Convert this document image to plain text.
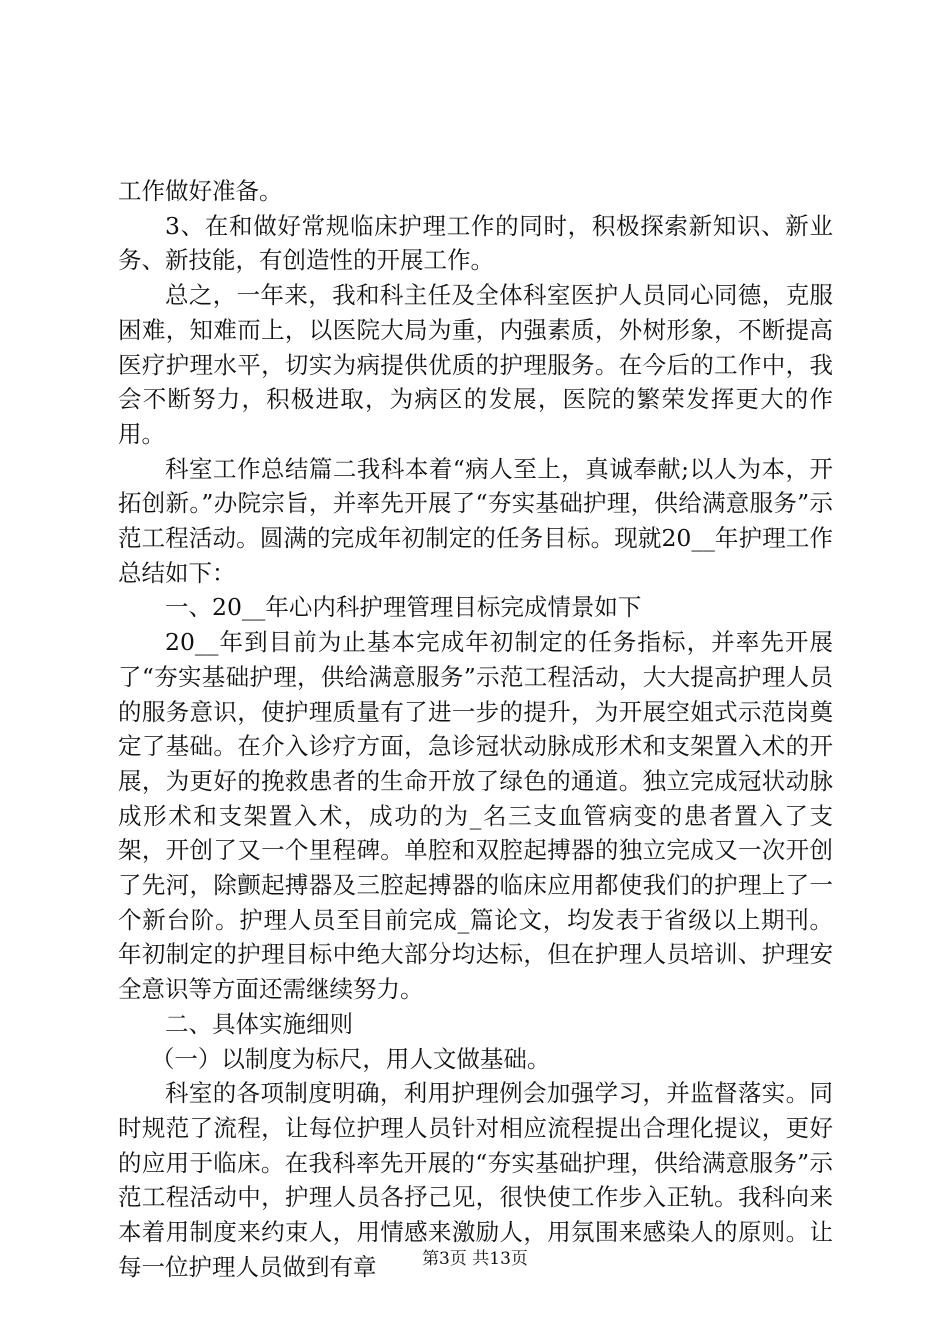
工作做好准备。

3、在和做好常规临床护理工作的同时，积极探索新知识、新业务、新技能，有创造性的开展工作。

总之，一年来，我和科主任及全体科室医护人员同心同德，克服困难，知难而上，以医院大局为重，内强素质，外树形象，不断提高医疗护理水平，切实为病提供优质的护理服务。在今后的工作中，我会不断努力，积极进取，为病区的发展，医院的繁荣发挥更大的作用。

科室工作总结篇二我科本着“病人至上，真诚奉献;以人为本，开拓创新。”办院宗旨，并率先开展了“夯实基础护理，供给满意服务”示范工程活动。圆满的完成年初制定的任务目标。现就20__年护理工作总结如下：

一、20__年心内科护理管理目标完成情景如下

20__年到目前为止基本完成年初制定的任务指标，并率先开展了“夯实基础护理，供给满意服务”示范工程活动，大大提高护理人员的服务意识，使护理质量有了进一步的提升，为开展空姐式示范岗奠定了基础。在介入诊疗方面，急诊冠状动脉成形术和支架置入术的开展，为更好的挽救患者的生命开放了绿色的通道。独立完成冠状动脉成形术和支架置入术，成功的为_名三支血管病变的患者置入了支架，开创了又一个里程碑。单腔和双腔起搏器的独立完成又一次开创了先河，除颤起搏器及三腔起搏器的临床应用都使我们的护理上了一个新台阶。护理人员至目前完成_篇论文，均发表于省级以上期刊。年初制定的护理目标中绝大部分均达标，但在护理人员培训、护理安全意识等方面还需继续努力。

二、具体实施细则

（一）以制度为标尺，用人文做基础。

科室的各项制度明确，利用护理例会加强学习，并监督落实。同时规范了流程，让每位护理人员针对相应流程提出合理化提议，更好的应用于临床。在我科率先开展的“夯实基础护理，供给满意服务”示范工程活动中，护理人员各抒己见，很快使工作步入正轨。我科向来本着用制度来约束人，用情感来激励人，用氛围来感染人的原则。让每一位护理人员做到有章	第3页 共13页
